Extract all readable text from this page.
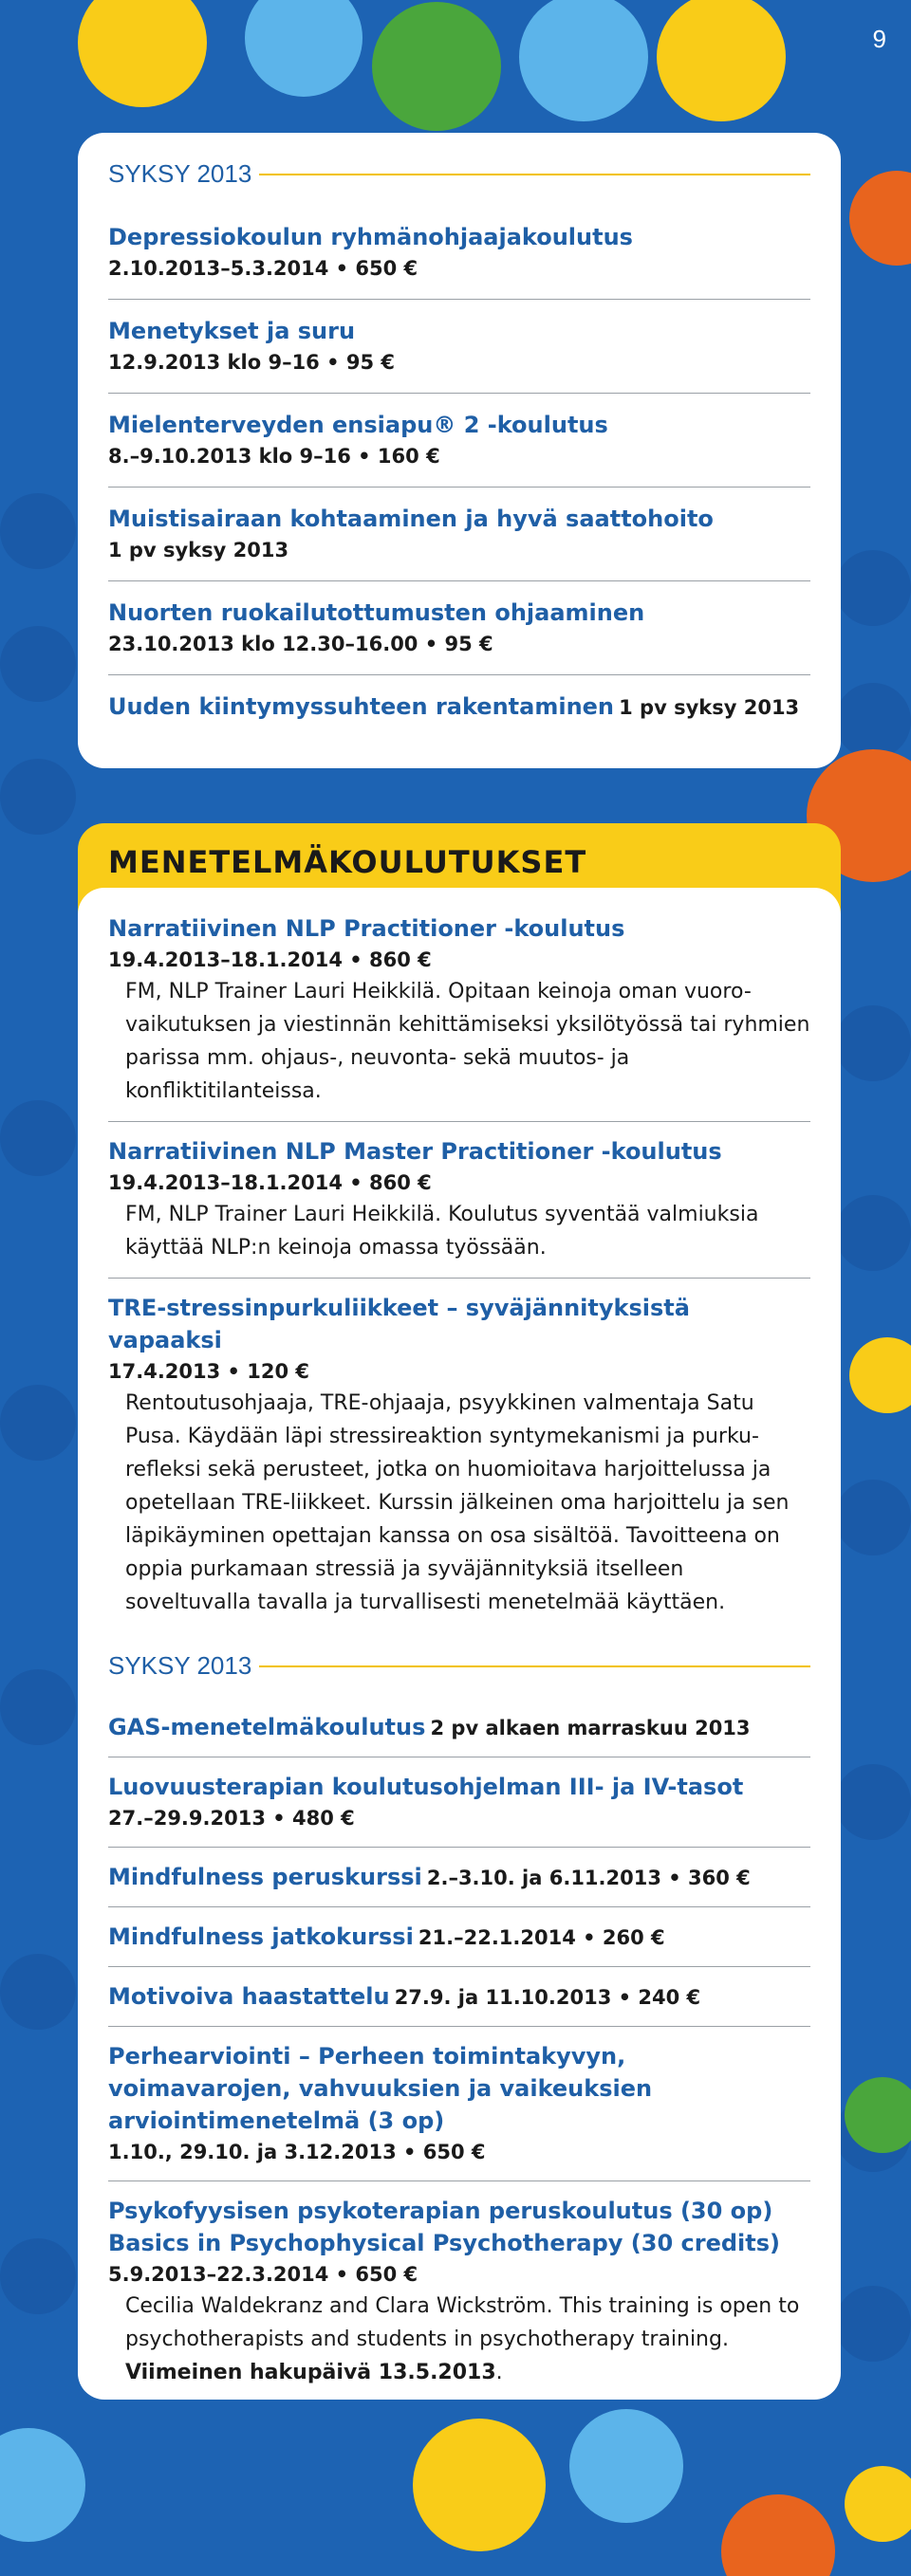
9
SYKSY 2013
Depressiokoulun ryhmänohjaajakoulutus
2.10.2013–5.3.2014 • 650 €
Menetykset ja suru
12.9.2013 klo 9–16 • 95 €
Mielenterveyden ensiapu® 2 -koulutus
8.–9.10.2013 klo 9–16 • 160 €
Muistisairaan kohtaaminen ja hyvä saattohoito
1 pv syksy 2013
Nuorten ruokailutottumusten ohjaaminen
23.10.2013 klo 12.30–16.00 • 95 €
Uuden kiintymyssuhteen rakentaminen 1 pv syksy 2013
MENETELMÄKOULUTUKSET
Narratiivinen NLP Practitioner -koulutus
19.4.2013–18.1.2014 • 860 €
FM, NLP Trainer Lauri Heikkilä. Opitaan keinoja oman vuoro-vaikutuksen ja viestinnän kehittämiseksi yksilötyössä tai ryhmien parissa mm. ohjaus-, neuvonta- sekä muutos- ja konfliktitilanteissa.
Narratiivinen NLP Master Practitioner -koulutus
19.4.2013–18.1.2014 • 860 €
FM, NLP Trainer Lauri Heikkilä. Koulutus syventää valmiuksia käyttää NLP:n keinoja omassa työssään.
TRE-stressinpurkuliikkeet – syväjännityksistä vapaaksi
17.4.2013 • 120 €
Rentoutusohjaaja, TRE-ohjaaja, psyykkinen valmentaja Satu Pusa. Käydään läpi stressireaktion syntymekanismi ja purku-refleksi sekä perusteet, jotka on huomioitava harjoittelussa ja opetellaan TRE-liikkeet. Kurssin jälkeinen oma harjoittelu ja sen läpikäyminen opettajan kanssa on osa sisältöä. Tavoitteena on oppia purkamaan stressiä ja syväjännityksiä itselleen soveltuvalla tavalla ja turvallisesti menetelmää käyttäen.
SYKSY 2013
GAS-menetelmäkoulutus 2 pv alkaen marraskuu 2013
Luovuusterapian koulutusohjelman III- ja IV-tasot
27.–29.9.2013 • 480 €
Mindfulness peruskurssi 2.–3.10. ja 6.11.2013 • 360 €
Mindfulness jatkokurssi 21.–22.1.2014 • 260 €
Motivoiva haastattelu 27.9. ja 11.10.2013 • 240 €
Perhearviointi – Perheen toimintakyvyn, voimavarojen, vahvuuksien ja vaikeuksien arviointimenetelmä (3 op)
1.10., 29.10. ja 3.12.2013 • 650 €
Psykofyysisen psykoterapian peruskoulutus (30 op)
Basics in Psychophysical Psychotherapy (30 credits)
5.9.2013–22.3.2014 • 650 €
Cecilia Waldekranz and Clara Wickström. This training is open to psychotherapists and students in psychotherapy training. Viimeinen hakupäivä 13.5.2013.
